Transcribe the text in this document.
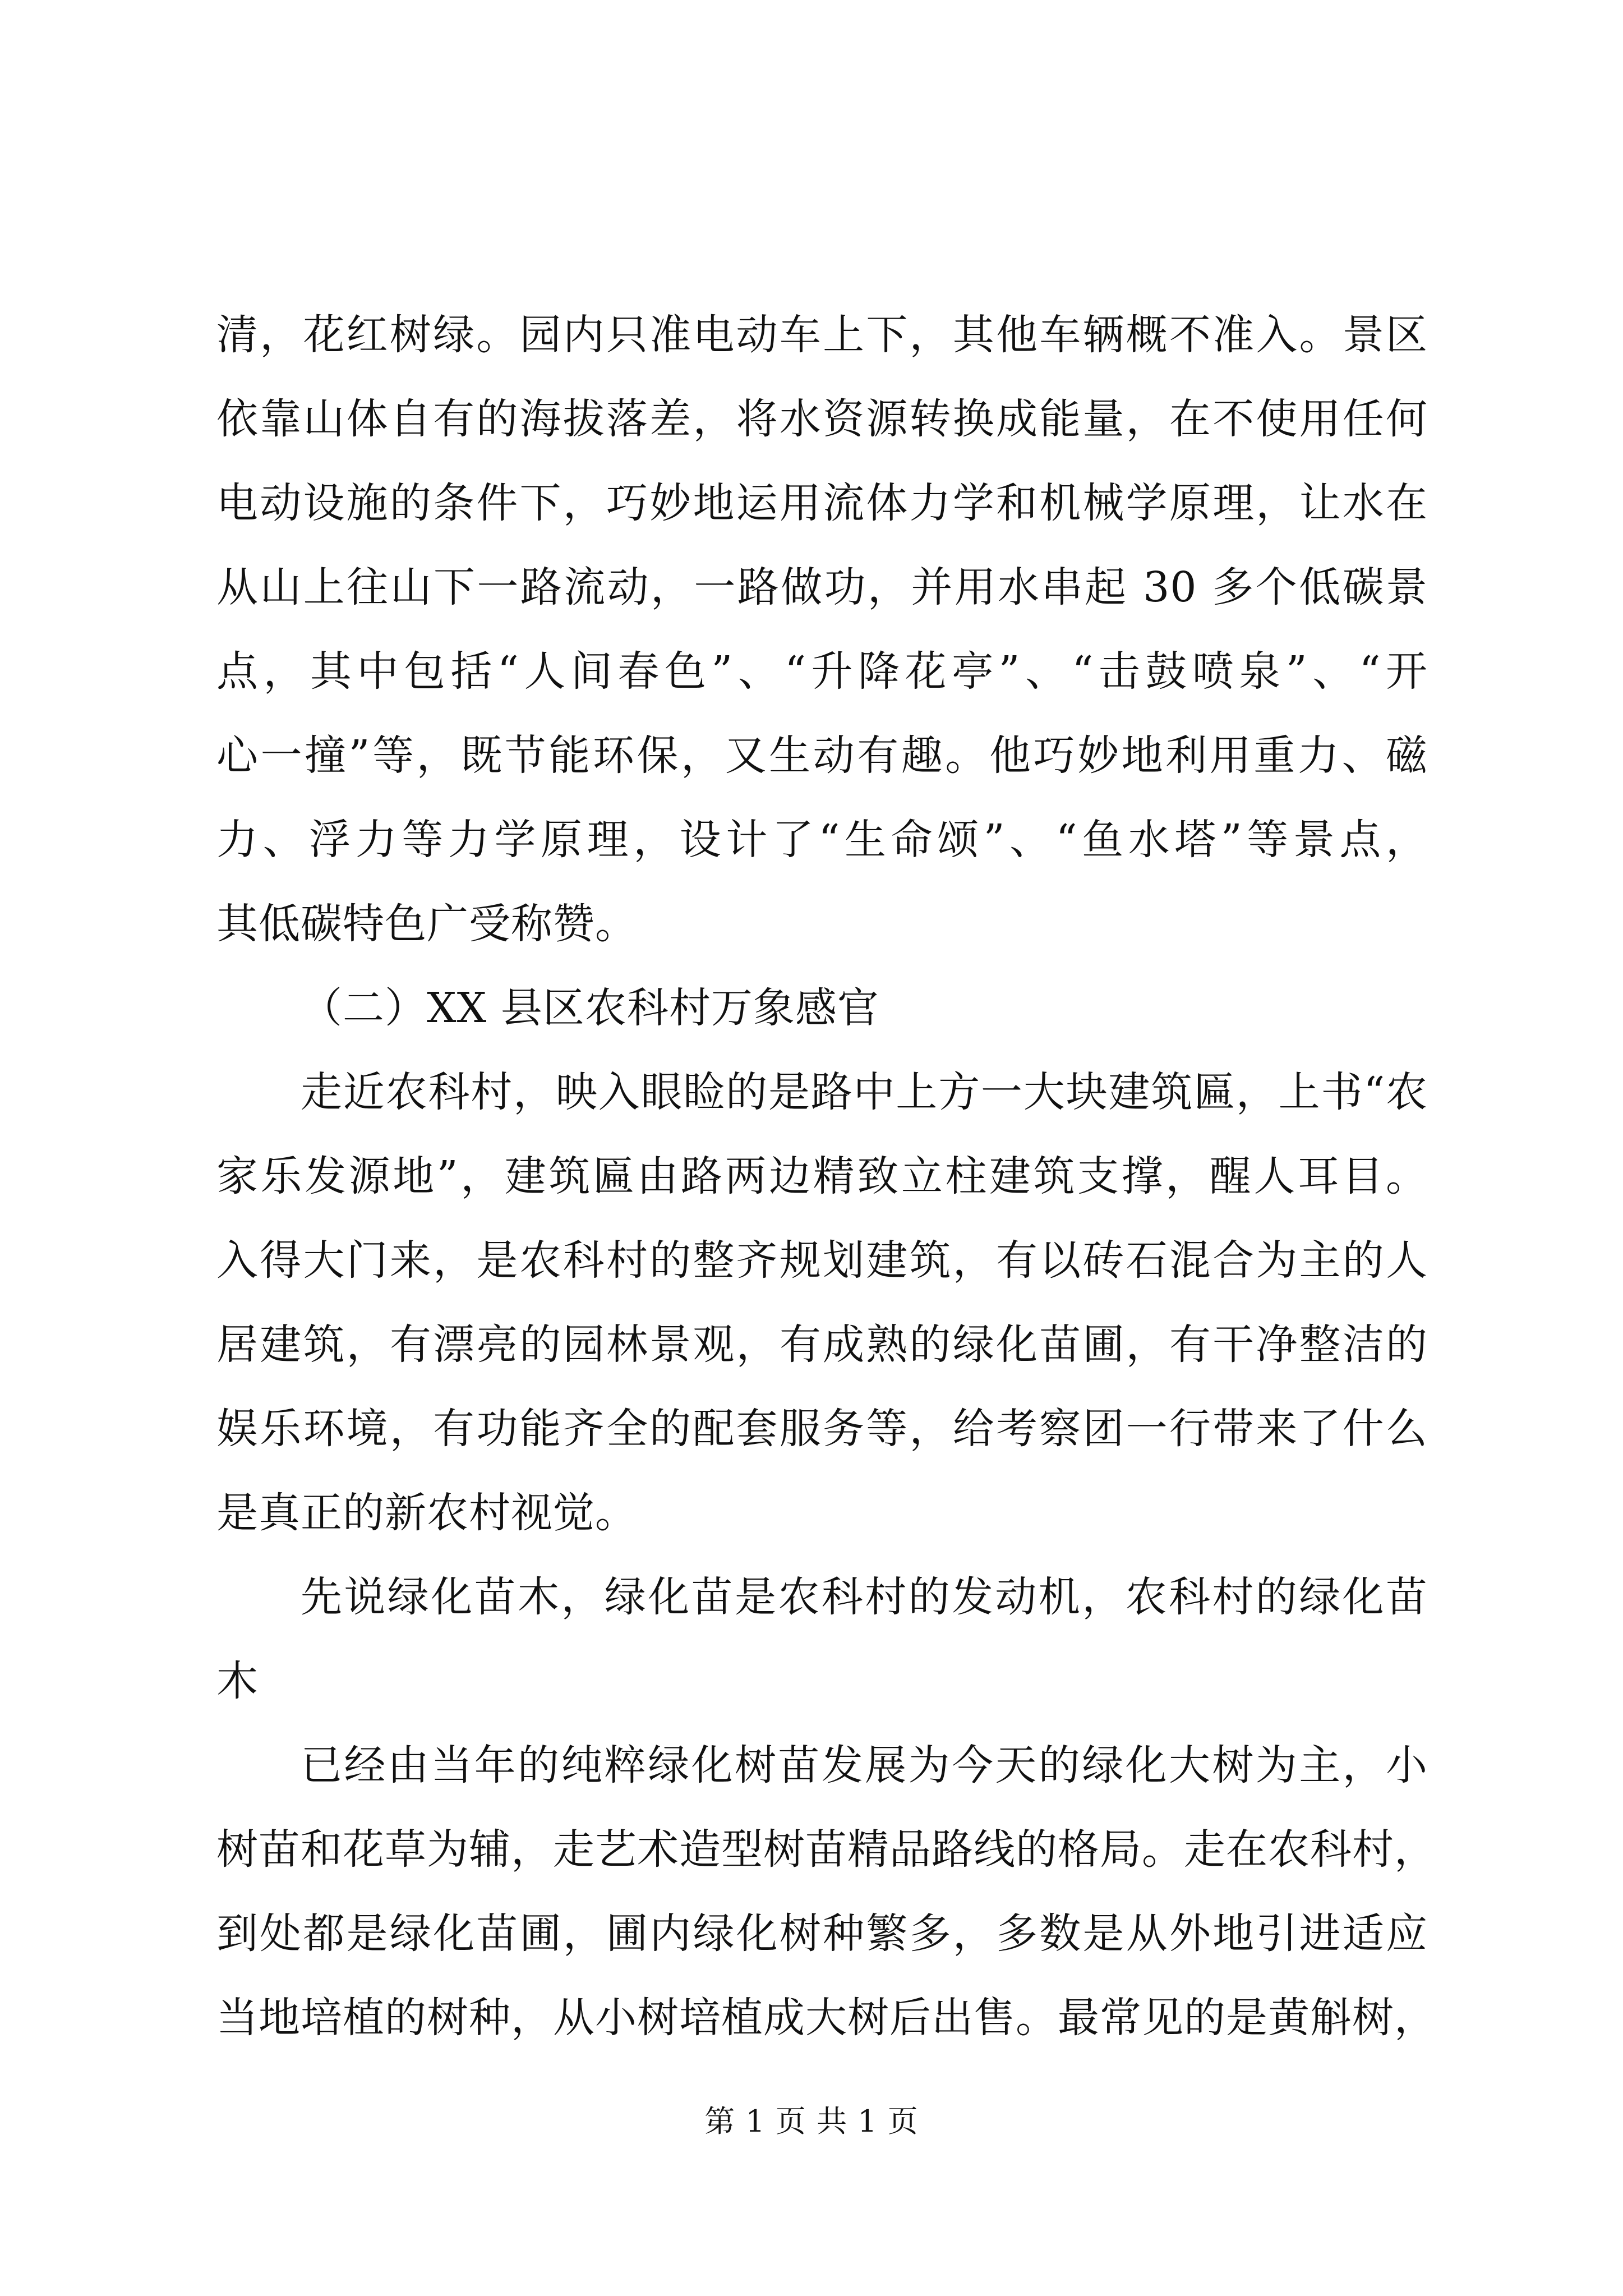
清，花红树绿。园内只准电动车上下，其他车辆概不准入。景区
依靠山体自有的海拔落差，将水资源转换成能量，在不使用任何
电动设施的条件下，巧妙地运用流体力学和机械学原理，让水在
从山上往山下一路流动，一路做功，并用水串起 30 多个低碳景
点，其中包括“人间春色”、“升降花亭”、“击鼓喷泉”、“开
心一撞”等，既节能环保，又生动有趣。他巧妙地利用重力、磁
力、浮力等力学原理，设计了“生命颂”、“鱼水塔”等景点，
其低碳特色广受称赞。
（二）XX 县区农科村万象感官
走近农科村，映入眼睑的是路中上方一大块建筑匾，上书“农
家乐发源地”，建筑匾由路两边精致立柱建筑支撑，醒人耳目。
入得大门来，是农科村的整齐规划建筑，有以砖石混合为主的人
居建筑，有漂亮的园林景观，有成熟的绿化苗圃，有干净整洁的
娱乐环境，有功能齐全的配套服务等，给考察团一行带来了什么
是真正的新农村视觉。
先说绿化苗木，绿化苗是农科村的发动机，农科村的绿化苗
木
已经由当年的纯粹绿化树苗发展为今天的绿化大树为主，小
树苗和花草为辅，走艺术造型树苗精品路线的格局。走在农科村，
到处都是绿化苗圃，圃内绿化树种繁多，多数是从外地引进适应
当地培植的树种，从小树培植成大树后出售。最常见的是黄斛树，
第 1 页 共 1 页
